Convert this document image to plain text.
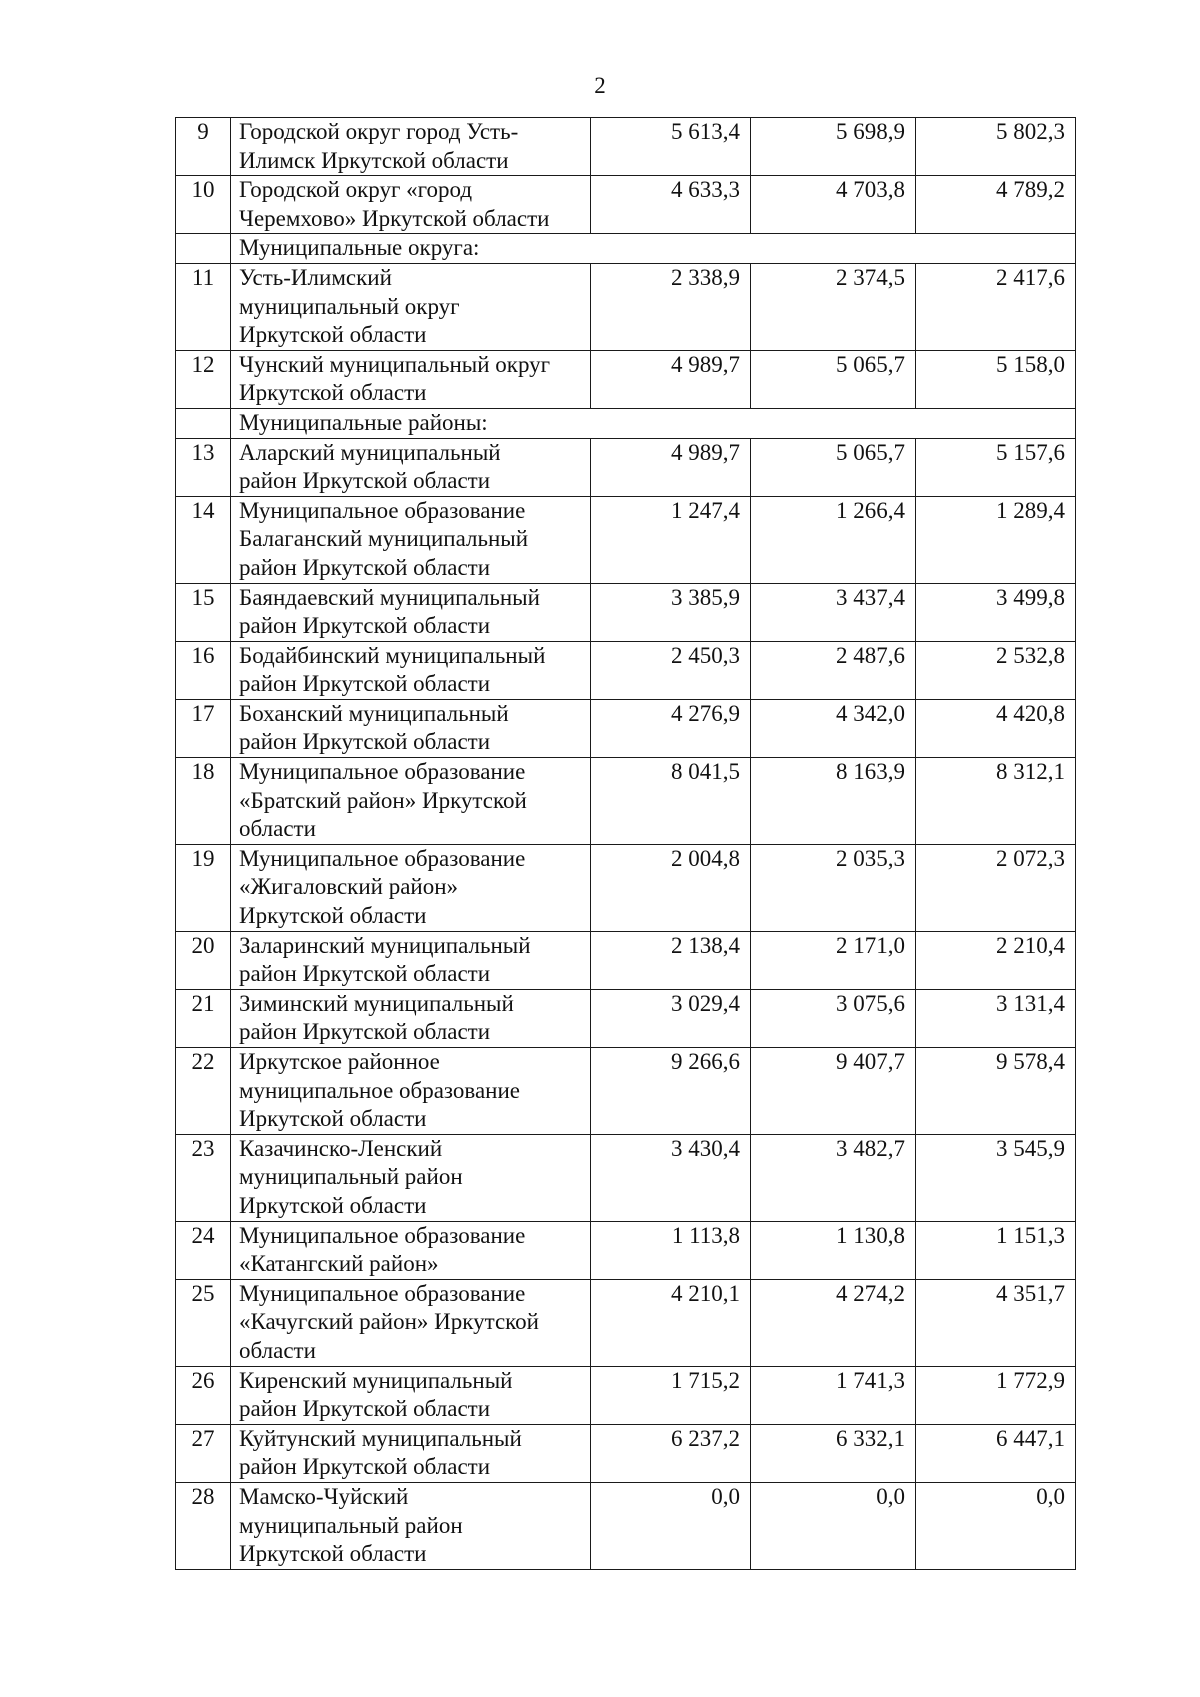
2
9	Городской округ город Усть-
Илимск Иркутской области	5 613,4	5 698,9	5 802,3
10	Городской округ «город
Черемхово» Иркутской области	4 633,3	4 703,8	4 789,2
	Муниципальные округа:			
11	Усть-Илимский
муниципальный округ
Иркутской области	2 338,9	2 374,5	2 417,6
12	Чунский муниципальный округ
Иркутской области	4 989,7	5 065,7	5 158,0
	Муниципальные районы:			
13	Аларский муниципальный
район Иркутской области	4 989,7	5 065,7	5 157,6
14	Муниципальное образование
Балаганский муниципальный
район Иркутской области	1 247,4	1 266,4	1 289,4
15	Баяндаевский муниципальный
район Иркутской области	3 385,9	3 437,4	3 499,8
16	Бодайбинский муниципальный
район Иркутской области	2 450,3	2 487,6	2 532,8
17	Боханский муниципальный
район Иркутской области	4 276,9	4 342,0	4 420,8
18	Муниципальное образование
«Братский район» Иркутской
области	8 041,5	8 163,9	8 312,1
19	Муниципальное образование
«Жигаловский район»
Иркутской области	2 004,8	2 035,3	2 072,3
20	Заларинский муниципальный
район Иркутской области	2 138,4	2 171,0	2 210,4
21	Зиминский муниципальный
район Иркутской области	3 029,4	3 075,6	3 131,4
22	Иркутское районное
муниципальное образование
Иркутской области	9 266,6	9 407,7	9 578,4
23	Казачинско-Ленский
муниципальный район
Иркутской области	3 430,4	3 482,7	3 545,9
24	Муниципальное образование
«Катангский район»	1 113,8	1 130,8	1 151,3
25	Муниципальное образование
«Качугский район» Иркутской
области	4 210,1	4 274,2	4 351,7
26	Киренский муниципальный
район Иркутской области	1 715,2	1 741,3	1 772,9
27	Куйтунский муниципальный
район Иркутской области	6 237,2	6 332,1	6 447,1
28	Мамско-Чуйский
муниципальный район
Иркутской области	0,0	0,0	0,0
